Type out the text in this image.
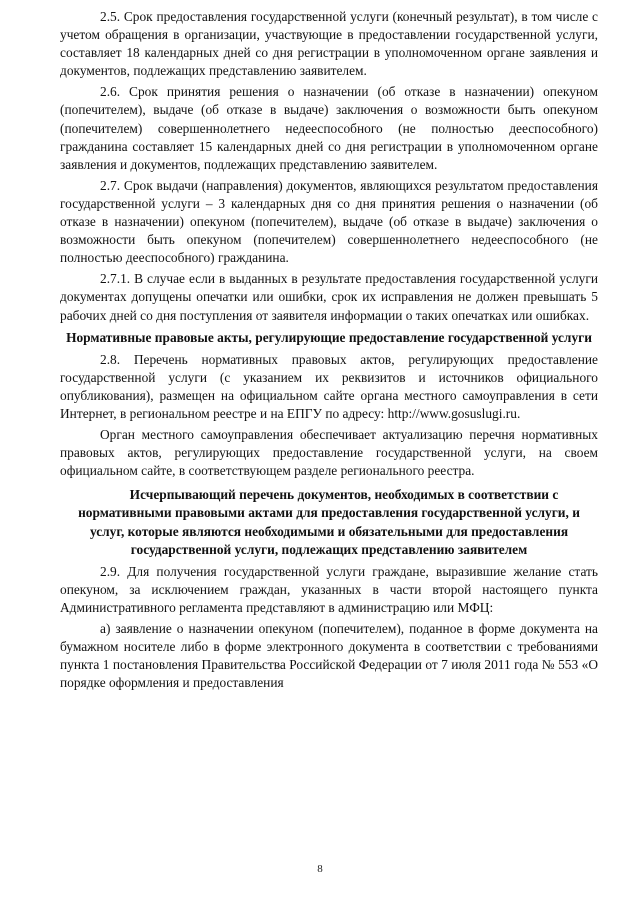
2.5. Срок предоставления государственной услуги (конечный результат), в том числе с учетом обращения в организации, участвующие в предоставлении государственной услуги, составляет 18 календарных дней со дня регистрации в уполномоченном органе заявления и документов, подлежащих представлению заявителем.

2.6. Срок принятия решения о назначении (об отказе в назначении) опекуном (попечителем), выдаче (об отказе в выдаче) заключения о возможности быть опекуном (попечителем) совершеннолетнего недееспособного (не полностью дееспособного) гражданина составляет 15 календарных дней со дня регистрации в уполномоченном органе заявления и документов, подлежащих представлению заявителем.

2.7. Срок выдачи (направления) документов, являющихся результатом предоставления государственной услуги – 3 календарных дня со дня принятия решения о назначении (об отказе в назначении) опекуном (попечителем), выдаче (об отказе в выдаче) заключения о возможности быть опекуном (попечителем) совершеннолетнего недееспособного (не полностью дееспособного) гражданина.

2.7.1. В случае если в выданных в результате предоставления государственной услуги документах допущены опечатки или ошибки, срок их исправления не должен превышать 5 рабочих дней со дня поступления от заявителя информации о таких опечатках или ошибках.

Нормативные правовые акты, регулирующие предоставление государственной услуги

2.8. Перечень нормативных правовых актов, регулирующих предоставление государственной услуги (с указанием их реквизитов и источников официального опубликования), размещен на официальном сайте органа местного самоуправления в сети Интернет, в региональном реестре и на ЕПГУ по адресу: http://www.gosuslugi.ru.

Орган местного самоуправления обеспечивает актуализацию перечня нормативных правовых актов, регулирующих предоставление государственной услуги, на своем официальном сайте, в соответствующем разделе регионального реестра.

Исчерпывающий перечень документов, необходимых в соответствии с нормативными правовыми актами для предоставления государственной услуги, и услуг, которые являются необходимыми и обязательными для предоставления государственной услуги, подлежащих представлению заявителем

2.9. Для получения государственной услуги граждане, выразившие желание стать опекуном, за исключением граждан, указанных в части второй настоящего пункта Административного регламента представляют в администрацию или МФЦ:

а) заявление о назначении опекуном (попечителем), поданное в форме документа на бумажном носителе либо в форме электронного документа в соответствии с требованиями пункта 1 постановления Правительства Российской Федерации от 7 июля 2011 года № 553 «О порядке оформления и предоставления

8
